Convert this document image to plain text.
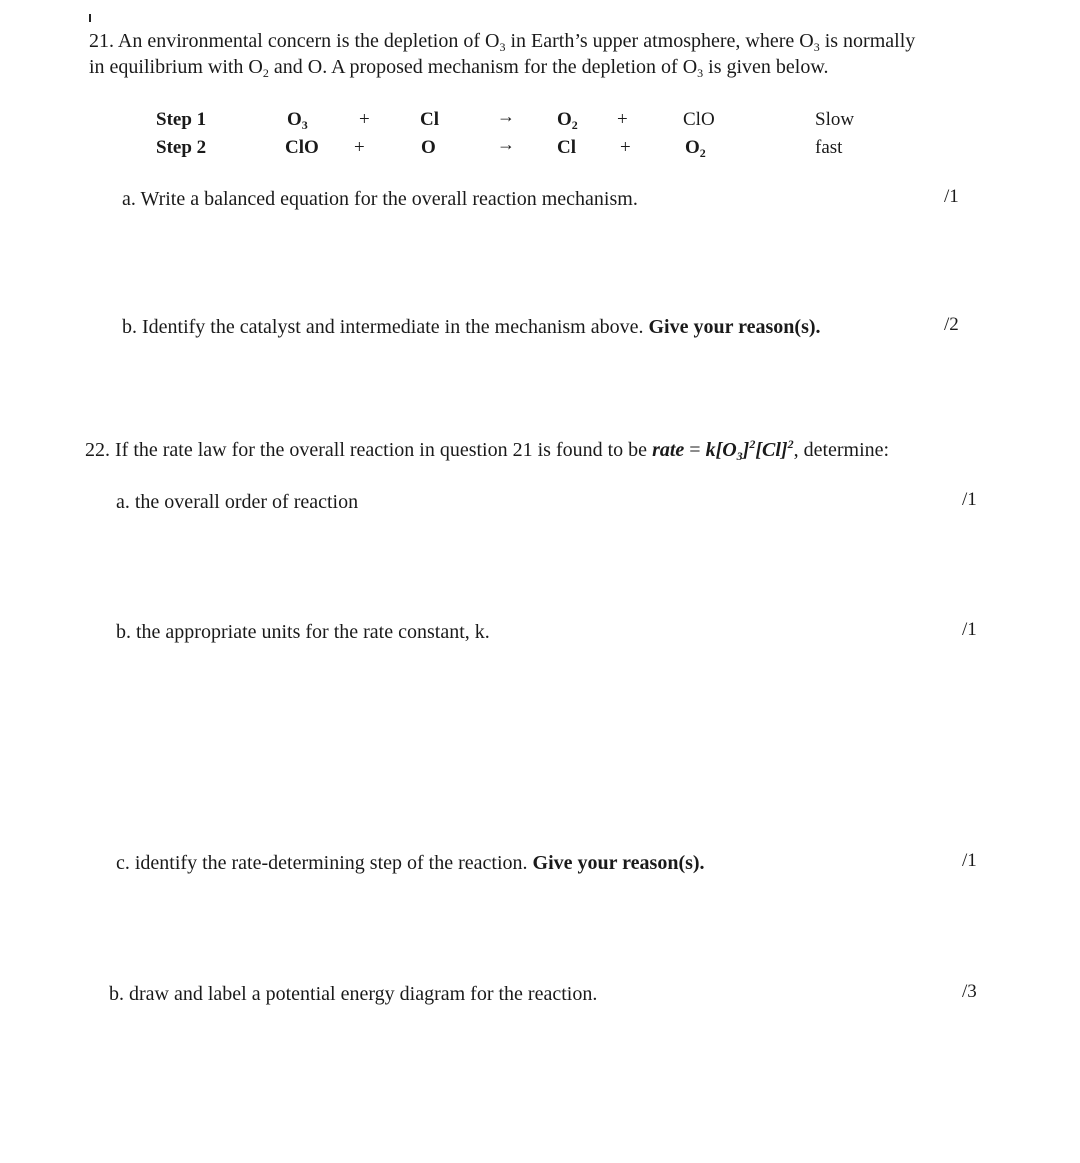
21. An environmental concern is the depletion of $O_3$ in Earth’s upper atmosphere, where $O_3$ is normally
in equilibrium with $O_2$ and O. A proposed mechanism for the depletion of $O_3$ is given below.
Step 1	$O_3$	+	Cl	→ $O_2$ +	ClO	Slow
Step 2	ClO +	O	→ Cl +	$O_2$	fast
a. Write a balanced equation for the overall reaction mechanism.	/1
b. Identify the catalyst and intermediate in the mechanism above. Give your reason(s).	/2
22. If the rate law for the overall reaction in question 21 is found to be rate = $k[O_3]^2[Cl]^2$, determine:
a. the overall order of reaction	/1
b. the appropriate units for the rate constant, k.	/1
c. identify the rate-determining step of the reaction. Give your reason(s).	/1
b. draw and label a potential energy diagram for the reaction.	/3
